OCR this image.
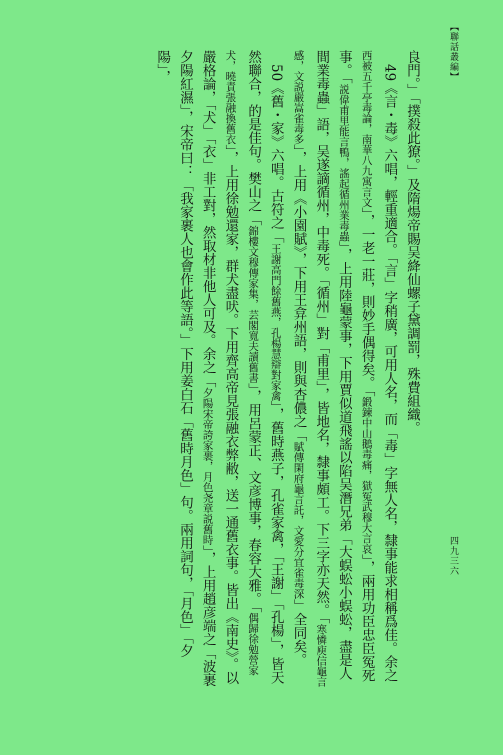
【聯話叢編】
四九三六

良門。」「撲殺此獠。」及隋煬帝賜吴絳仙螺子黛調罰，殊費組織。

49《言・毒》六唱，輕重適合。「言」字稍廣，可用人名，而「毒」字無人名，隸事能求相稱爲佳。余之西被五千亭毒論，南華八九寓言文」，一老一莊，則妙手偶得矣。「鍛鍊中山鵝毒痛，獄冤武穆大言哀」，兩用功臣忠臣冤死事。「説偉甫里能言鴨，謠起循州業毒蟲」，上用陸龜蒙事，下用賈似道飛謠以陷吴潛兄弟「大蜈蚣小蜈蚣，盡是人間業毒蟲」語，吴遂謫循州，中毒死。「循州」對「甫里」，皆地名，隸事頗工。下三字亦天然。「寒憐庾信龜言感，文説嚴嵩雀毒多」，上用《小園賦》，下用王弇州語，則與杏儂之「賦傳閑府龜言託，文愛分宜雀毒深」全同矣。

50《舊・家》六唱。古符之「王謝高門餘舊燕，孔楊慧辯對家禽」，舊時燕子，孔雀家禽，「王謝」「孔楊」，皆天然聯合，的是佳句。樊山之「錦樓文穆傳家集，芸閣寬夫讀舊書」，用呂蒙正、文彦博事，春容大雅。「偶歸徐勉營家犬，曉責張融換舊衣」，上用徐勉還家，群犬盡吠。下用齊高帝見張融衣弊敝，送一通舊衣事。皆出《南史》。以嚴格論，「犬」「衣」非工對，然取材非他人可及。余之「夕陽宋帝誇家裹，月色尧章説舊時」，上用趙彦端之「波裹夕陽紅濕」，宋帝曰：「我家裹人也會作此等語。」下用姜白石「舊時月色」句。兩用詞句，「月色」「夕陽」，
